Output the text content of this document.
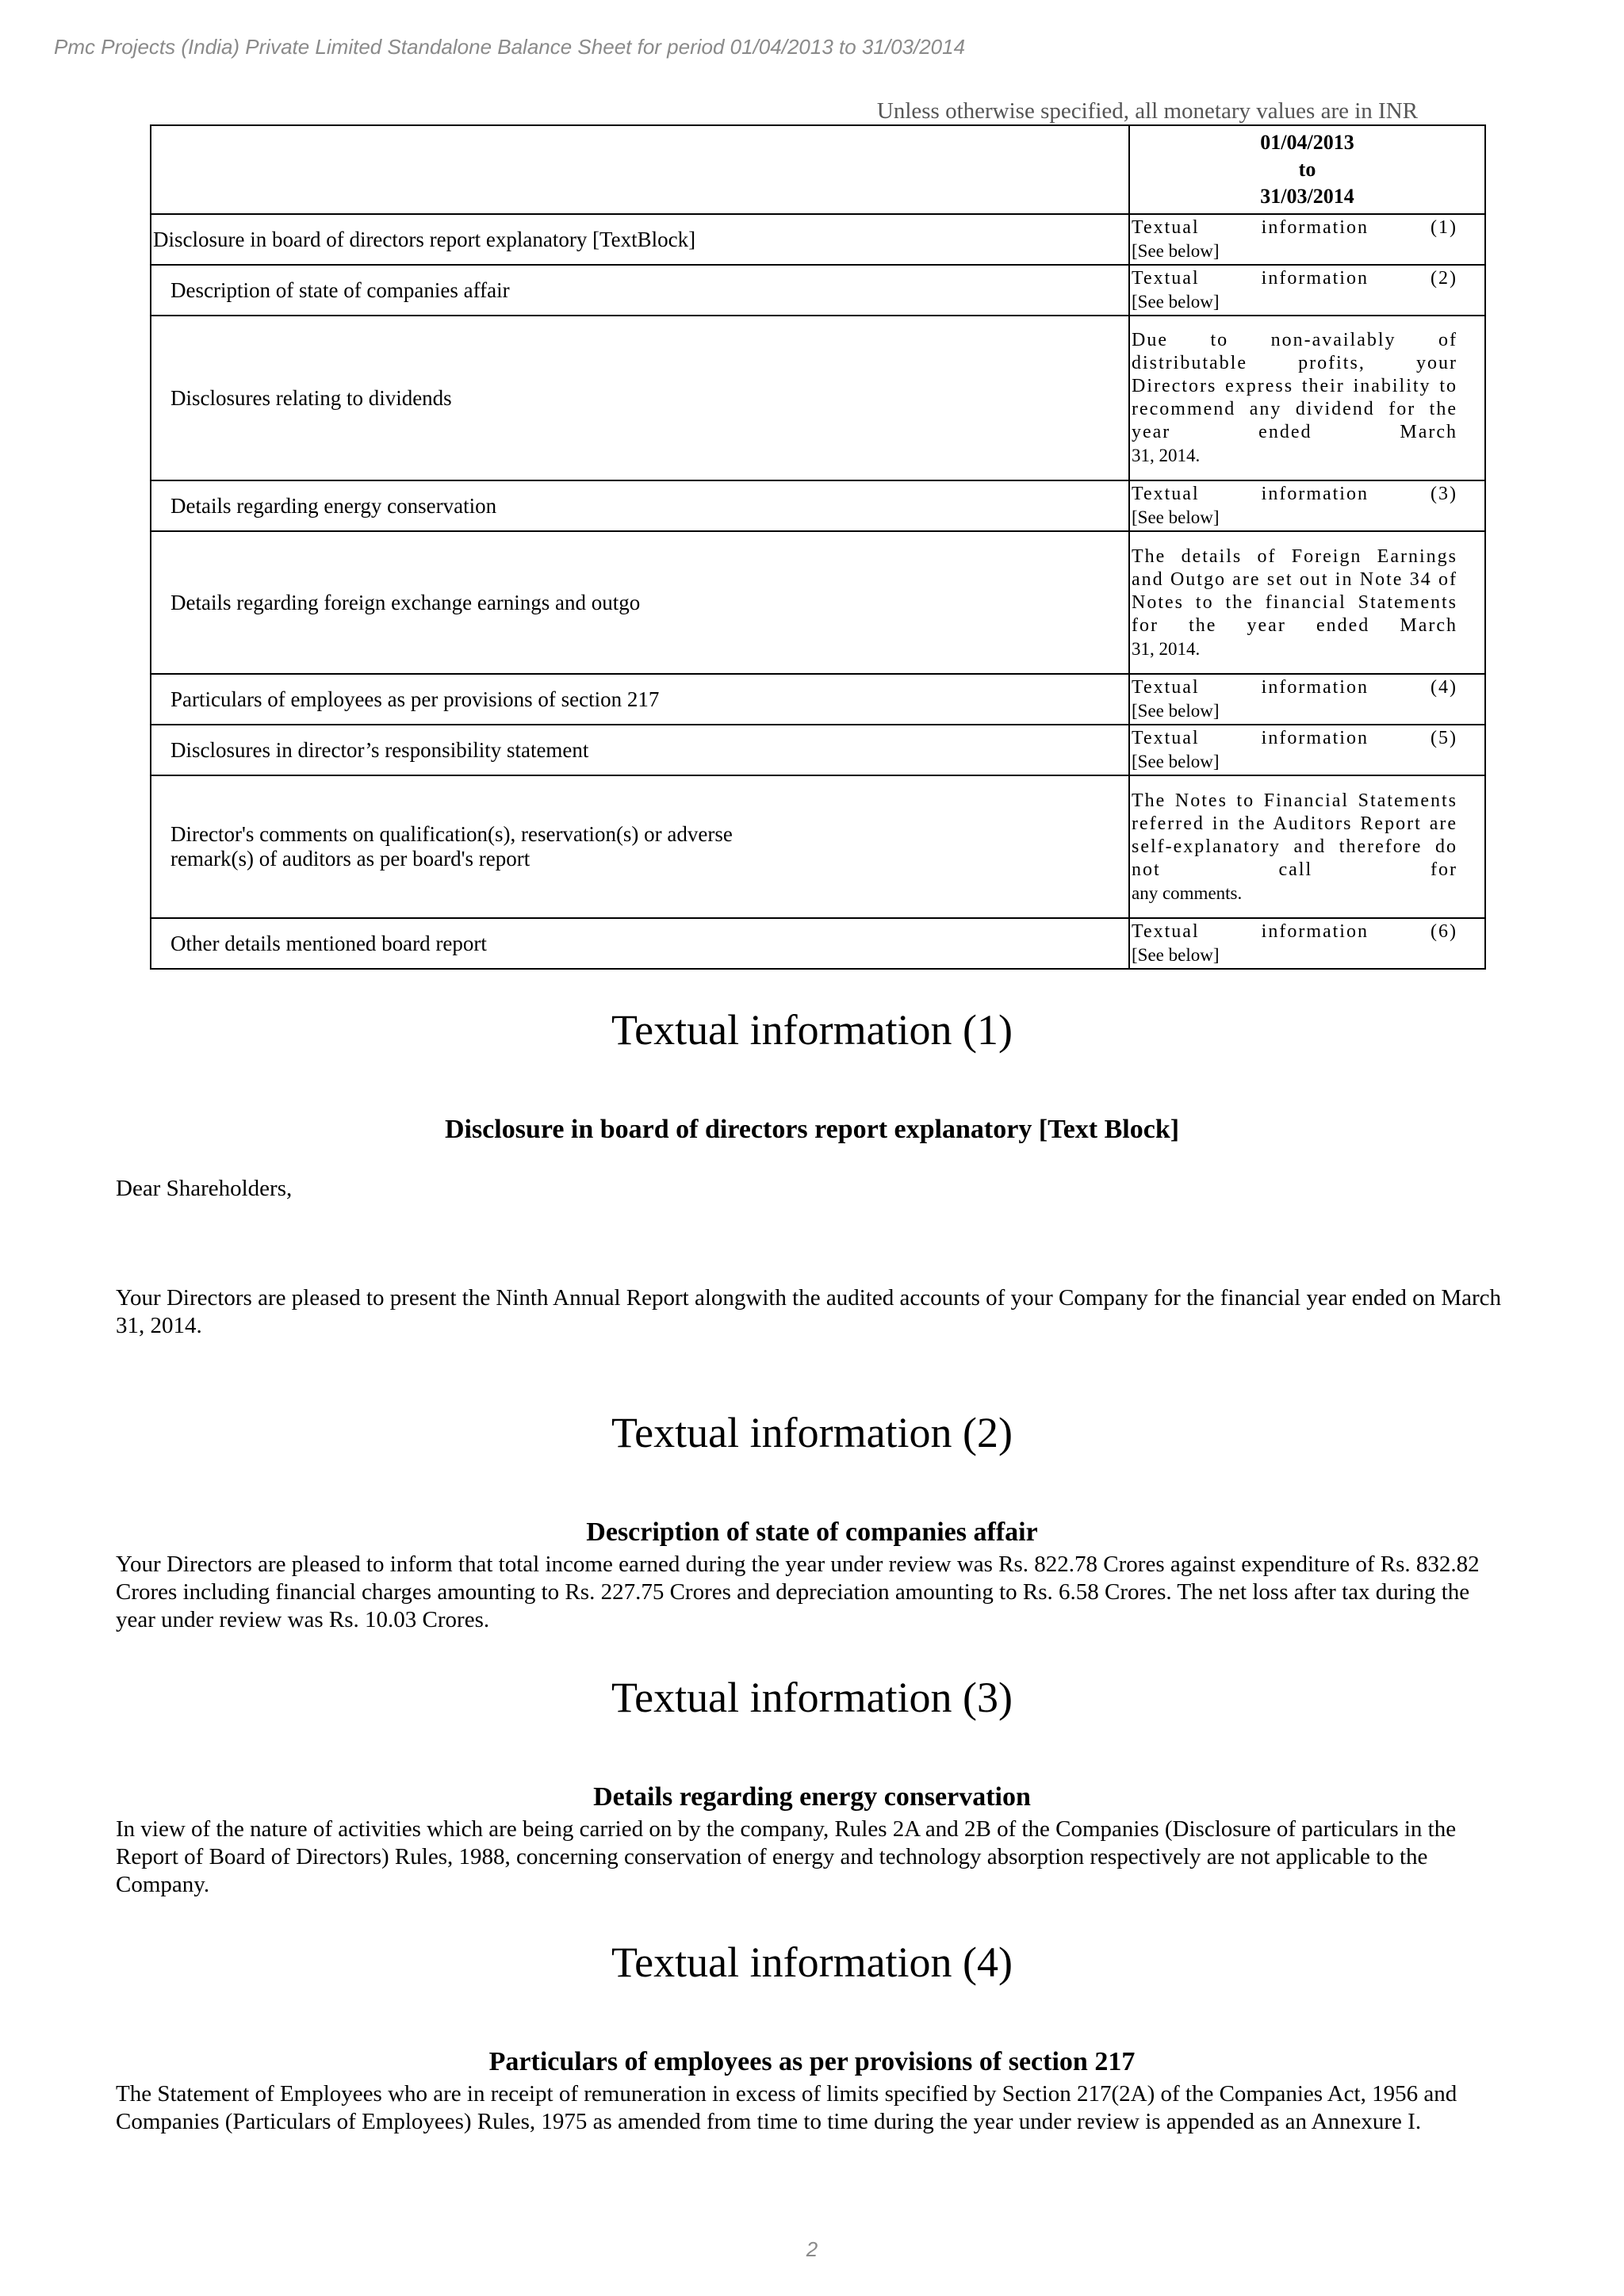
Pmc Projects (India) Private Limited Standalone Balance Sheet for period 01/04/2013 to 31/03/2014
Unless otherwise specified, all monetary values are in INR

	01/04/2013
to
31/03/2014

Disclosure in board of directors report explanatory [TextBlock]	Textual information (1)
[See below]

Description of state of companies affair	Textual information (2)
[See below]

Disclosures relating to dividends	Due to non-availably of distributable profits, your Directors express their inability to recommend any dividend for the year ended March
31, 2014.

Details regarding energy conservation	Textual information (3)
[See below]

Details regarding foreign exchange earnings and outgo	The details of Foreign Earnings and Outgo are set out in Note 34 of Notes to the financial Statements for the year ended March
31, 2014.

Particulars of employees as per provisions of section 217	Textual information (4)
[See below]

Disclosures in director’s responsibility statement	Textual information (5)
[See below]

Director's comments on qualification(s), reservation(s) or adverse remark(s) of auditors as per board's report	The Notes to Financial Statements referred in the Auditors Report are self-explanatory and therefore do not call for
any comments.

Other details mentioned board report	Textual information (6)
[See below]
Textual information (1)
Disclosure in board of directors report explanatory [Text Block]
Dear Shareholders,
Your Directors are pleased to present the Ninth Annual Report alongwith the audited accounts of your Company for the financial year ended on March 31, 2014.
Textual information (2)
Description of state of companies affair
Your Directors are pleased to inform that total income earned during the year under review was Rs. 822.78 Crores against expenditure of Rs. 832.82 Crores including financial charges amounting to Rs. 227.75 Crores and depreciation amounting to Rs. 6.58 Crores. The net loss after tax during the year under review was Rs. 10.03 Crores.
Textual information (3)
Details regarding energy conservation
In view of the nature of activities which are being carried on by the company, Rules 2A and 2B of the Companies (Disclosure of particulars in the Report of Board of Directors) Rules, 1988, concerning conservation of energy and technology absorption respectively are not applicable to the Company.
Textual information (4)
Particulars of employees as per provisions of section 217
The Statement of Employees who are in receipt of remuneration in excess of limits specified by Section 217(2A) of the Companies Act, 1956 and Companies (Particulars of Employees) Rules, 1975 as amended from time to time during the year under review is appended as an Annexure I.
2
